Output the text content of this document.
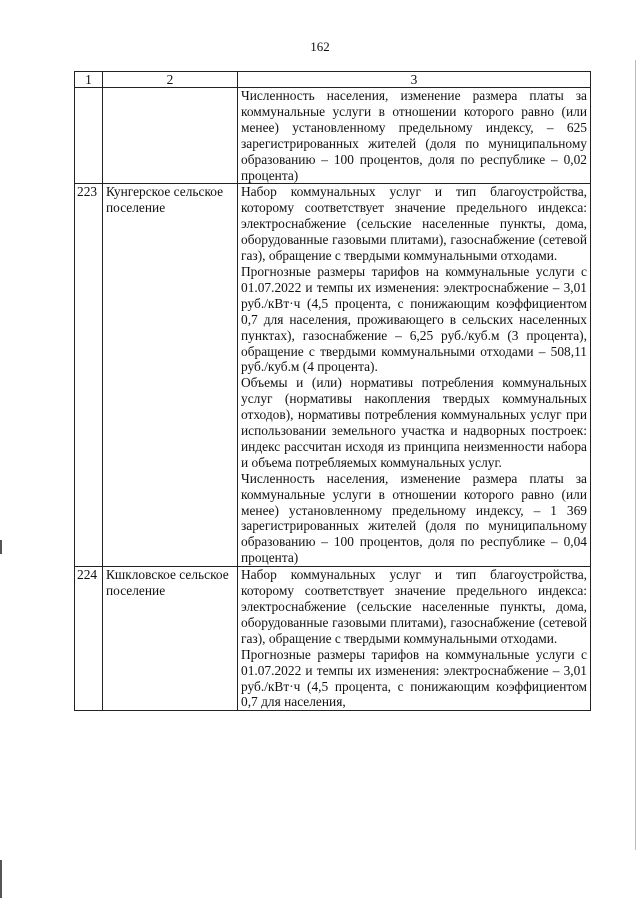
162
1	2	3

		Численность населения, изменение размера платы за коммунальные услуги в отношении которого равно (или менее) установленному предельному индексу, – 625 зарегистрированных жителей (доля по муниципальному образованию – 100 процентов, доля по республике – 0,02 процента)

223	Кунгерское сельское поселение	Набор коммунальных услуг и тип благоустройства, которому соответствует значение предельного индекса: электроснабжение (сельские населенные пункты, дома, оборудованные газовыми плитами), газоснабжение (сетевой газ), обращение с твердыми коммунальными отходами.

Прогнозные размеры тарифов на коммунальные услуги с 01.07.2022 и темпы их изменения: электроснабжение – 3,01 руб./кВт·ч (4,5 процента, с понижающим коэффициентом 0,7 для населения, проживающего в сельских населенных пунктах), газоснабжение – 6,25 руб./куб.м (3 процента), обращение с твердыми коммунальными отходами – 508,11 руб./куб.м (4 процента).

Объемы и (или) нормативы потребления коммунальных услуг (нормативы накопления твердых коммунальных отходов), нормативы потребления коммунальных услуг при использовании земельного участка и надворных построек: индекс рассчитан исходя из принципа неизменности набора и объема потребляемых коммунальных услуг.

Численность населения, изменение размера платы за коммунальные услуги в отношении которого равно (или менее) установленному предельному индексу, – 1 369 зарегистрированных жителей (доля по муниципальному образованию – 100 процентов, доля по республике – 0,04 процента)

224	Кшкловское сельское поселение	Набор коммунальных услуг и тип благоустройства, которому соответствует значение предельного индекса: электроснабжение (сельские населенные пункты, дома, оборудованные газовыми плитами), газоснабжение (сетевой газ), обращение с твердыми коммунальными отходами.

Прогнозные размеры тарифов на коммунальные услуги с 01.07.2022 и темпы их изменения: электроснабжение – 3,01 руб./кВт·ч (4,5 процента, с понижающим коэффициентом 0,7 для населения,
